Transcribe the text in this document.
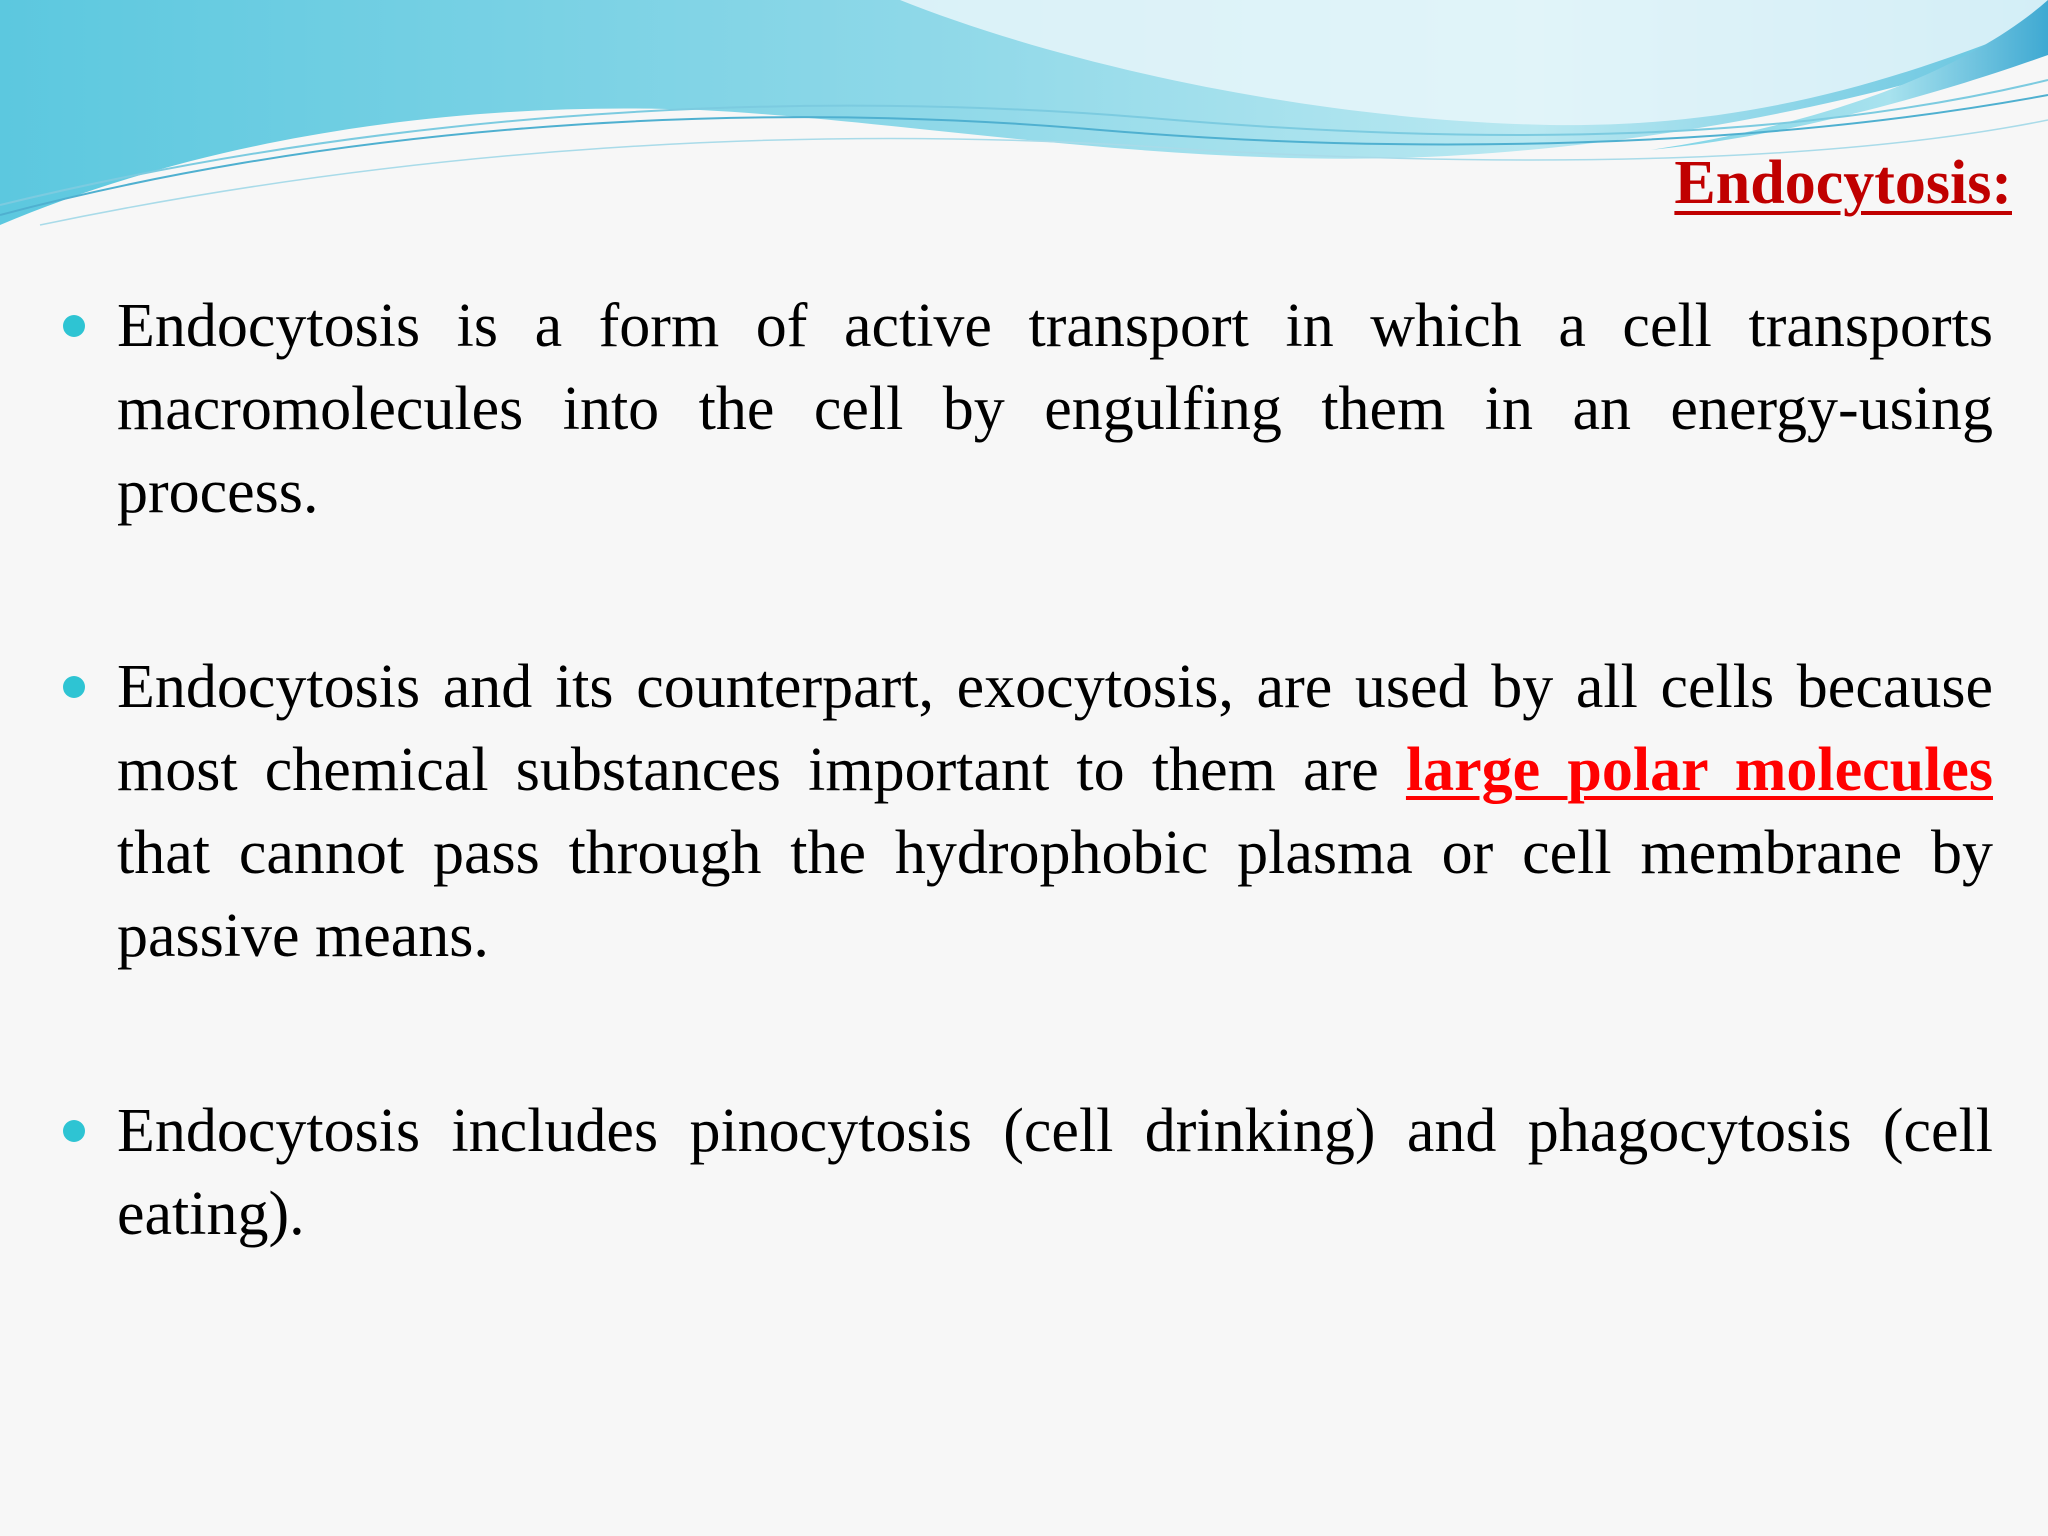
Endocytosis:
Endocytosis is a form of active transport in which a cell transports macromolecules into the cell by engulfing them in an energy-using process.
Endocytosis and its counterpart, exocytosis, are used by all cells because most chemical substances important to them are large polar molecules that cannot pass through the hydrophobic plasma or cell membrane by passive means.
Endocytosis includes pinocytosis (cell drinking) and phagocytosis (cell eating).
